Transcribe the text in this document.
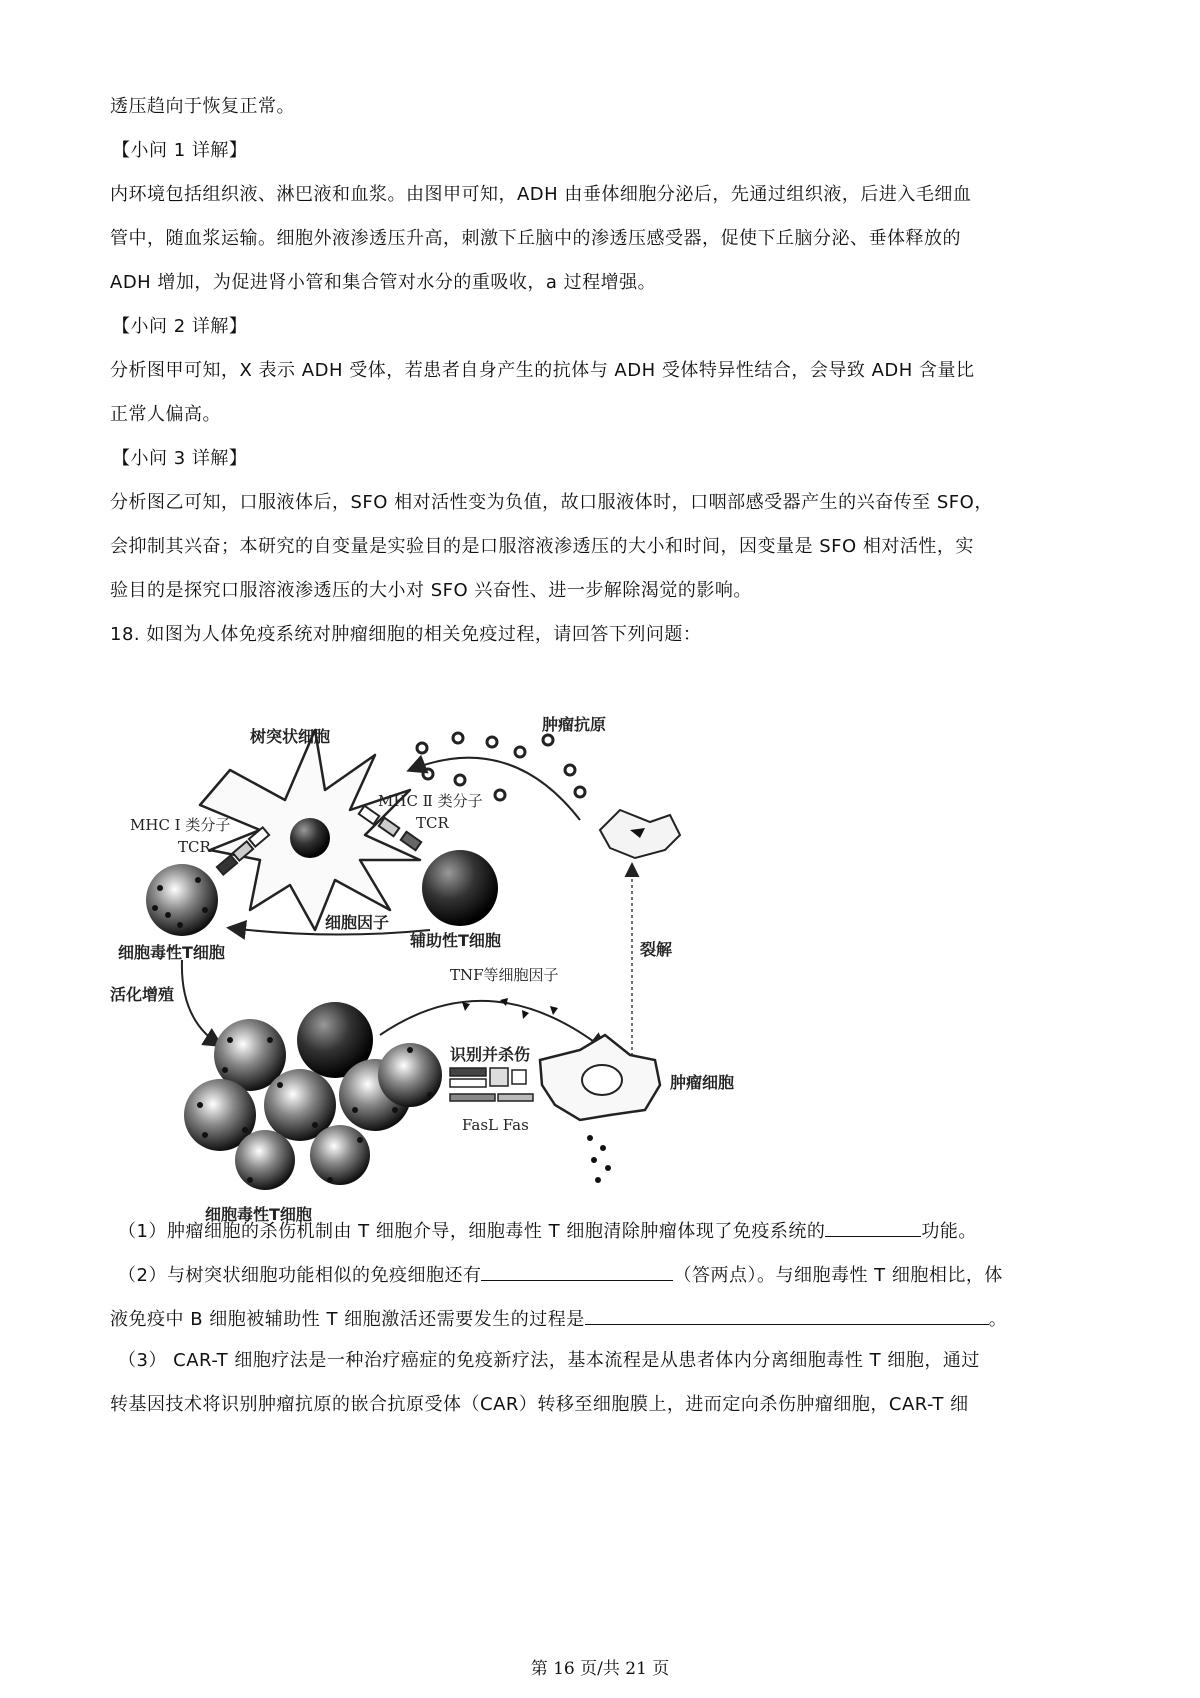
透压趋向于恢复正常。
【小问 1 详解】
内环境包括组织液、淋巴液和血浆。由图甲可知，ADH 由垂体细胞分泌后，先通过组织液，后进入毛细血
管中，随血浆运输。细胞外液渗透压升高，刺激下丘脑中的渗透压感受器，促使下丘脑分泌、垂体释放的
ADH 增加，为促进肾小管和集合管对水分的重吸收，a 过程增强。
【小问 2 详解】
分析图甲可知，X 表示 ADH 受体，若患者自身产生的抗体与 ADH 受体特异性结合，会导致 ADH 含量比
正常人偏高。
【小问 3 详解】
分析图乙可知，口服液体后，SFO 相对活性变为负值，故口服液体时，口咽部感受器产生的兴奋传至 SFO，
会抑制其兴奋；本研究的自变量是实验目的是口服溶液渗透压的大小和时间，因变量是 SFO 相对活性，实
验目的是探究口服溶液渗透压的大小对 SFO 兴奋性、进一步解除渴觉的影响。
18. 如图为人体免疫系统对肿瘤细胞的相关免疫过程，请回答下列问题：
肿瘤抗原
树突状细胞
裂解
MHC Ⅱ 类分子
TCR
辅助性T细胞
MHC Ⅰ 类分子
TCR
细胞毒性T细胞
细胞因子
活化增殖
细胞毒性T细胞
TNF等细胞因子
识别并杀伤
FasL Fas
肿瘤细胞
（1）肿瘤细胞的杀伤机制由 T 细胞介导，细胞毒性 T 细胞清除肿瘤体现了免疫系统的	功能。
（2）与树突状细胞功能相似的免疫细胞还有	（答两点）。与细胞毒性 T 细胞相比，体
液免疫中 B 细胞被辅助性 T 细胞激活还需要发生的过程是	。
（3） CAR-T 细胞疗法是一种治疗癌症的免疫新疗法，基本流程是从患者体内分离细胞毒性 T 细胞，通过
转基因技术将识别肿瘤抗原的嵌合抗原受体（CAR）转移至细胞膜上，进而定向杀伤肿瘤细胞，CAR-T 细
第 16 页/共 21 页
